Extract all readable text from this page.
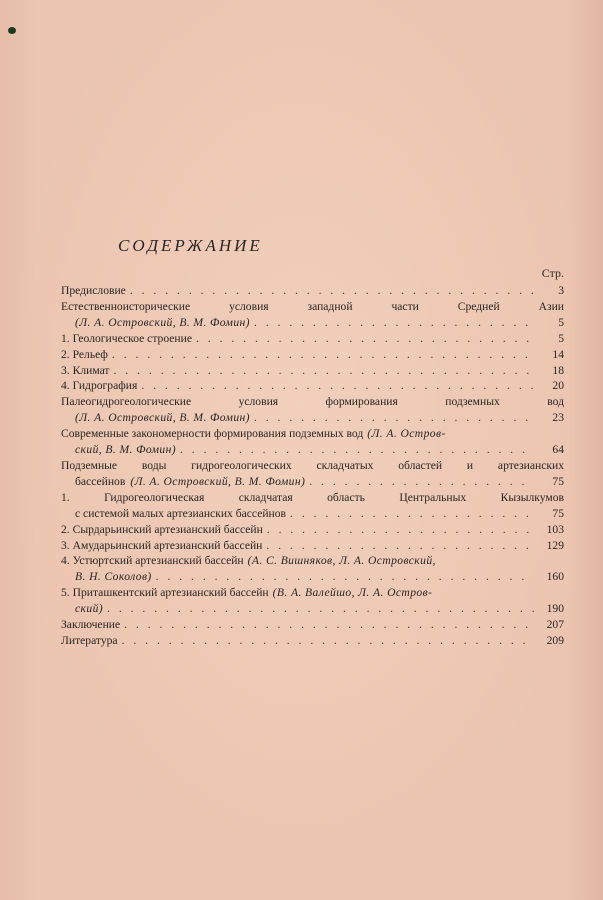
СОДЕРЖАНИЕ
Стр.
Предисловие . . .	3
Естественноисторические условия западной части Средней Азии
(Л. А. Островский, В. М. Фомин) . . .	5
1. Геологическое строение . . .	5
2. Рельеф . . .	14
3. Климат . . .	18
4. Гидрография . . .	20
Палеогидрогеологические условия формирования подземных вод
(Л. А. Островский, В. М. Фомин) . . .	23
Современные закономерности формирования подземных вод (Л. А. Остров-
ский, В. М. Фомин) . . .	64
Подземные воды гидрогеологических складчатых областей и артезианских
бассейнов (Л. А. Островский, В. М. Фомин) . . .	75
1. Гидрогеологическая складчатая область Центральных Кызылкумов
с системой малых артезианских бассейнов . . .	75
2. Сырдарьинский артезианский бассейн . . .	103
3. Амударьинский артезианский бассейн . . .	129
4. Устюртский артезианский бассейн (А. С. Вишняков, Л. А. Островский,
В. Н. Соколов) . . .	160
5. Приташкентский артезианский бассейн (В. А. Валейшо, Л. А. Остров-
ский) . . .	190
Заключение . . .	207
Литература . . .	209
